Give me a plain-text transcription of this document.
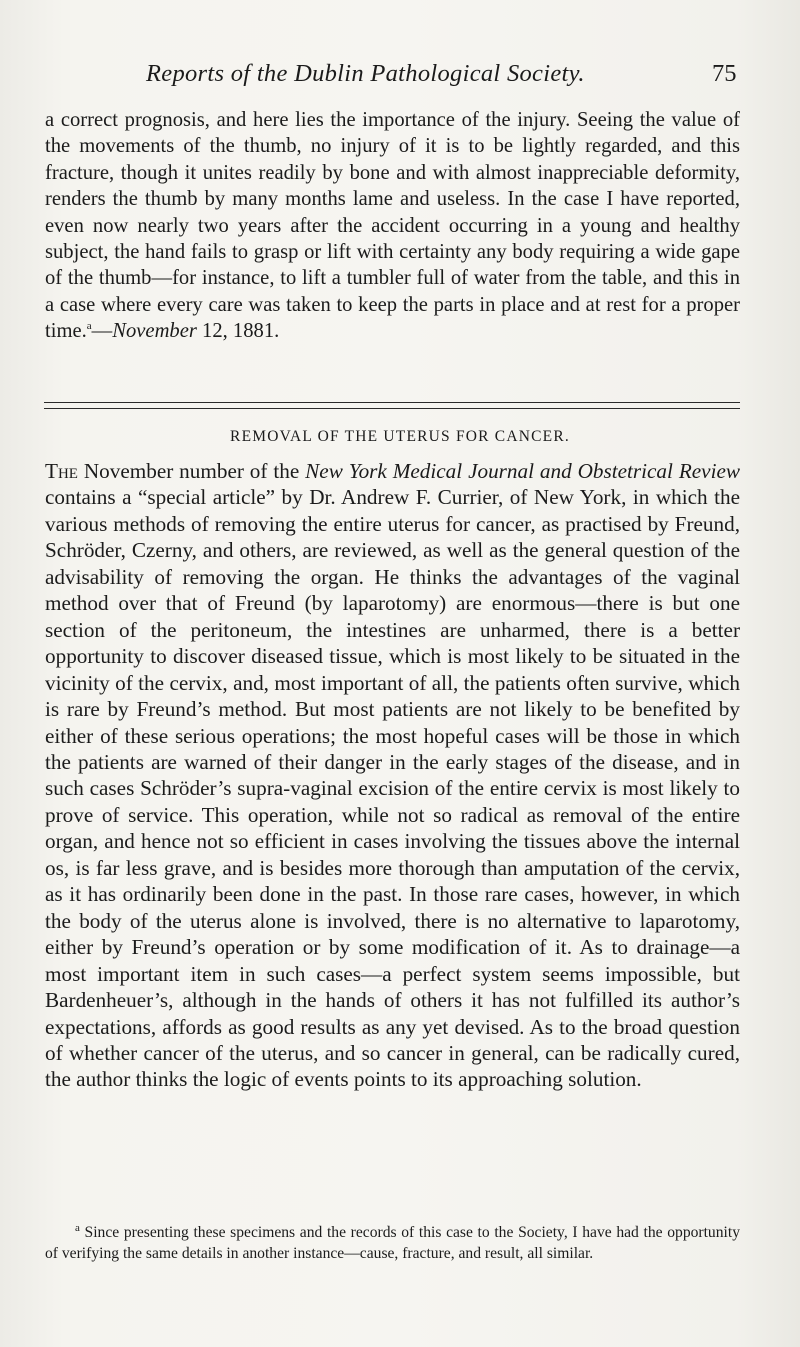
Reports of the Dublin Pathological Society.	75
a correct prognosis, and here lies the importance of the injury. Seeing the value of the movements of the thumb, no injury of it is to be lightly regarded, and this fracture, though it unites readily by bone and with almost inappreciable deformity, renders the thumb by many months lame and useless. In the case I have reported, even now nearly two years after the accident occurring in a young and healthy subject, the hand fails to grasp or lift with certainty any body requiring a wide gape of the thumb—for instance, to lift a tumbler full of water from the table, and this in a case where every care was taken to keep the parts in place and at rest for a proper time.$^a$—November 12, 1881.
REMOVAL OF THE UTERUS FOR CANCER.
The November number of the New York Medical Journal and Obstetrical Review contains a “special article” by Dr. Andrew F. Currier, of New York, in which the various methods of removing the entire uterus for cancer, as practised by Freund, Schröder, Czerny, and others, are reviewed, as well as the general question of the advisability of removing the organ. He thinks the advantages of the vaginal method over that of Freund (by laparotomy) are enormous—there is but one section of the peritoneum, the intestines are unharmed, there is a better opportunity to discover diseased tissue, which is most likely to be situated in the vicinity of the cervix, and, most important of all, the patients often survive, which is rare by Freund’s method. But most patients are not likely to be benefited by either of these serious operations; the most hopeful cases will be those in which the patients are warned of their danger in the early stages of the disease, and in such cases Schröder’s supra-vaginal excision of the entire cervix is most likely to prove of service. This operation, while not so radical as removal of the entire organ, and hence not so efficient in cases involving the tissues above the internal os, is far less grave, and is besides more thorough than amputation of the cervix, as it has ordinarily been done in the past. In those rare cases, however, in which the body of the uterus alone is involved, there is no alternative to laparotomy, either by Freund’s operation or by some modification of it. As to drainage—a most important item in such cases—a perfect system seems impossible, but Bardenheuer’s, although in the hands of others it has not fulfilled its author’s expectations, affords as good results as any yet devised. As to the broad question of whether cancer of the uterus, and so cancer in general, can be radically cured, the author thinks the logic of events points to its approaching solution.
$^a$ Since presenting these specimens and the records of this case to the Society, I have had the opportunity of verifying the same details in another instance—cause, fracture, and result, all similar.
